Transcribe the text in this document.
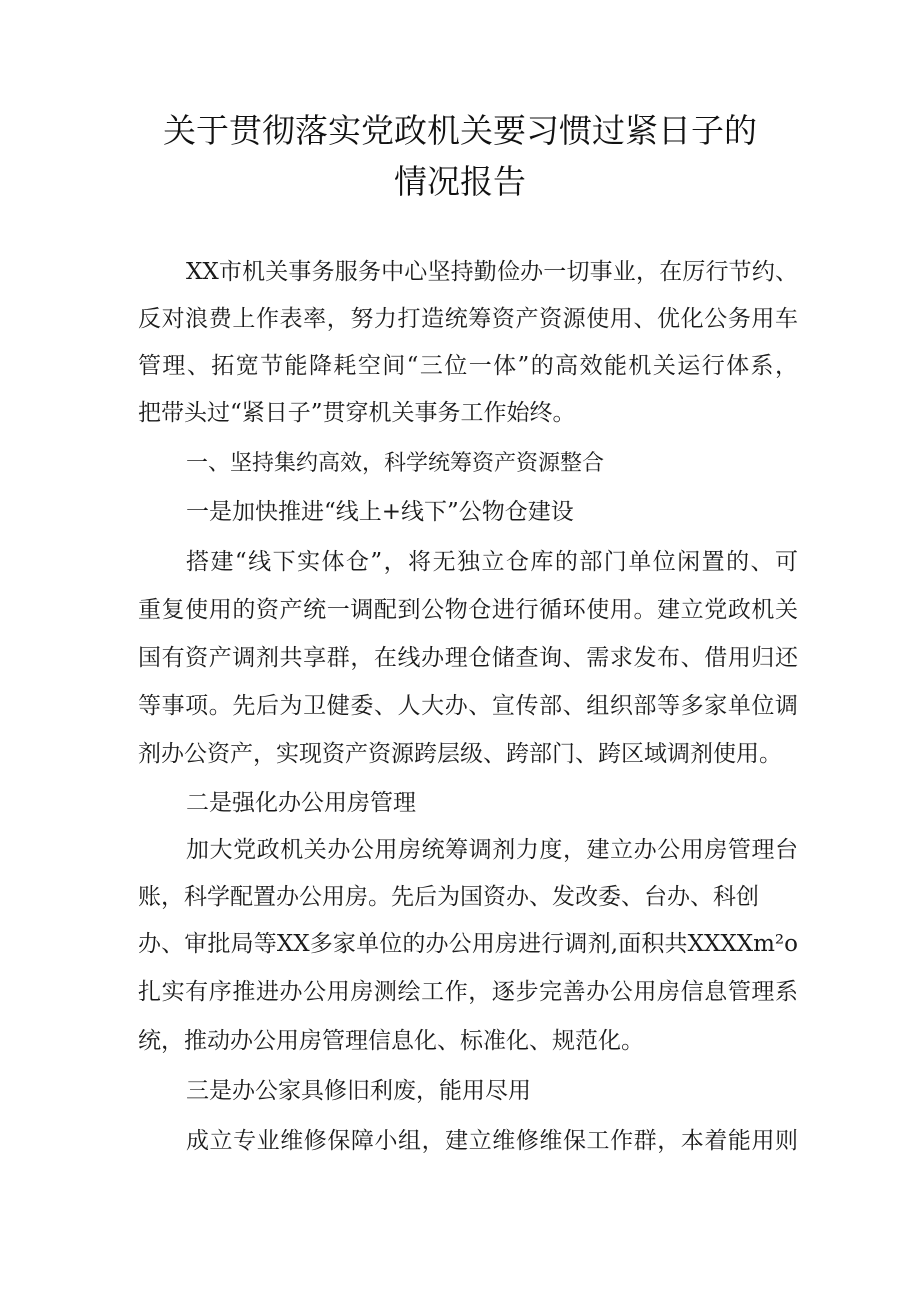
关于贯彻落实党政机关要习惯过紧日子的
情况报告
XX市机关事务服务中心坚持勤俭办一切事业，在厉行节约、
反对浪费上作表率，努力打造统筹资产资源使用、优化公务用车
管理、拓宽节能降耗空间“三位一体”的高效能机关运行体系，
把带头过“紧日子”贯穿机关事务工作始终。
一、坚持集约高效，科学统筹资产资源整合
一是加快推进“线上+线下”公物仓建设
搭建“线下实体仓”，将无独立仓库的部门单位闲置的、可
重复使用的资产统一调配到公物仓进行循环使用。建立党政机关
国有资产调剂共享群，在线办理仓储查询、需求发布、借用归还
等事项。先后为卫健委、人大办、宣传部、组织部等多家单位调
剂办公资产，实现资产资源跨层级、跨部门、跨区域调剂使用。
二是强化办公用房管理
加大党政机关办公用房统筹调剂力度，建立办公用房管理台
账，科学配置办公用房。先后为国资办、发改委、台办、科创
办、审批局等XX多家单位的办公用房进行调剂,面积共XXXXm²o
扎实有序推进办公用房测绘工作，逐步完善办公用房信息管理系
统，推动办公用房管理信息化、标准化、规范化。
三是办公家具修旧利废，能用尽用
成立专业维修保障小组，建立维修维保工作群，本着能用则
